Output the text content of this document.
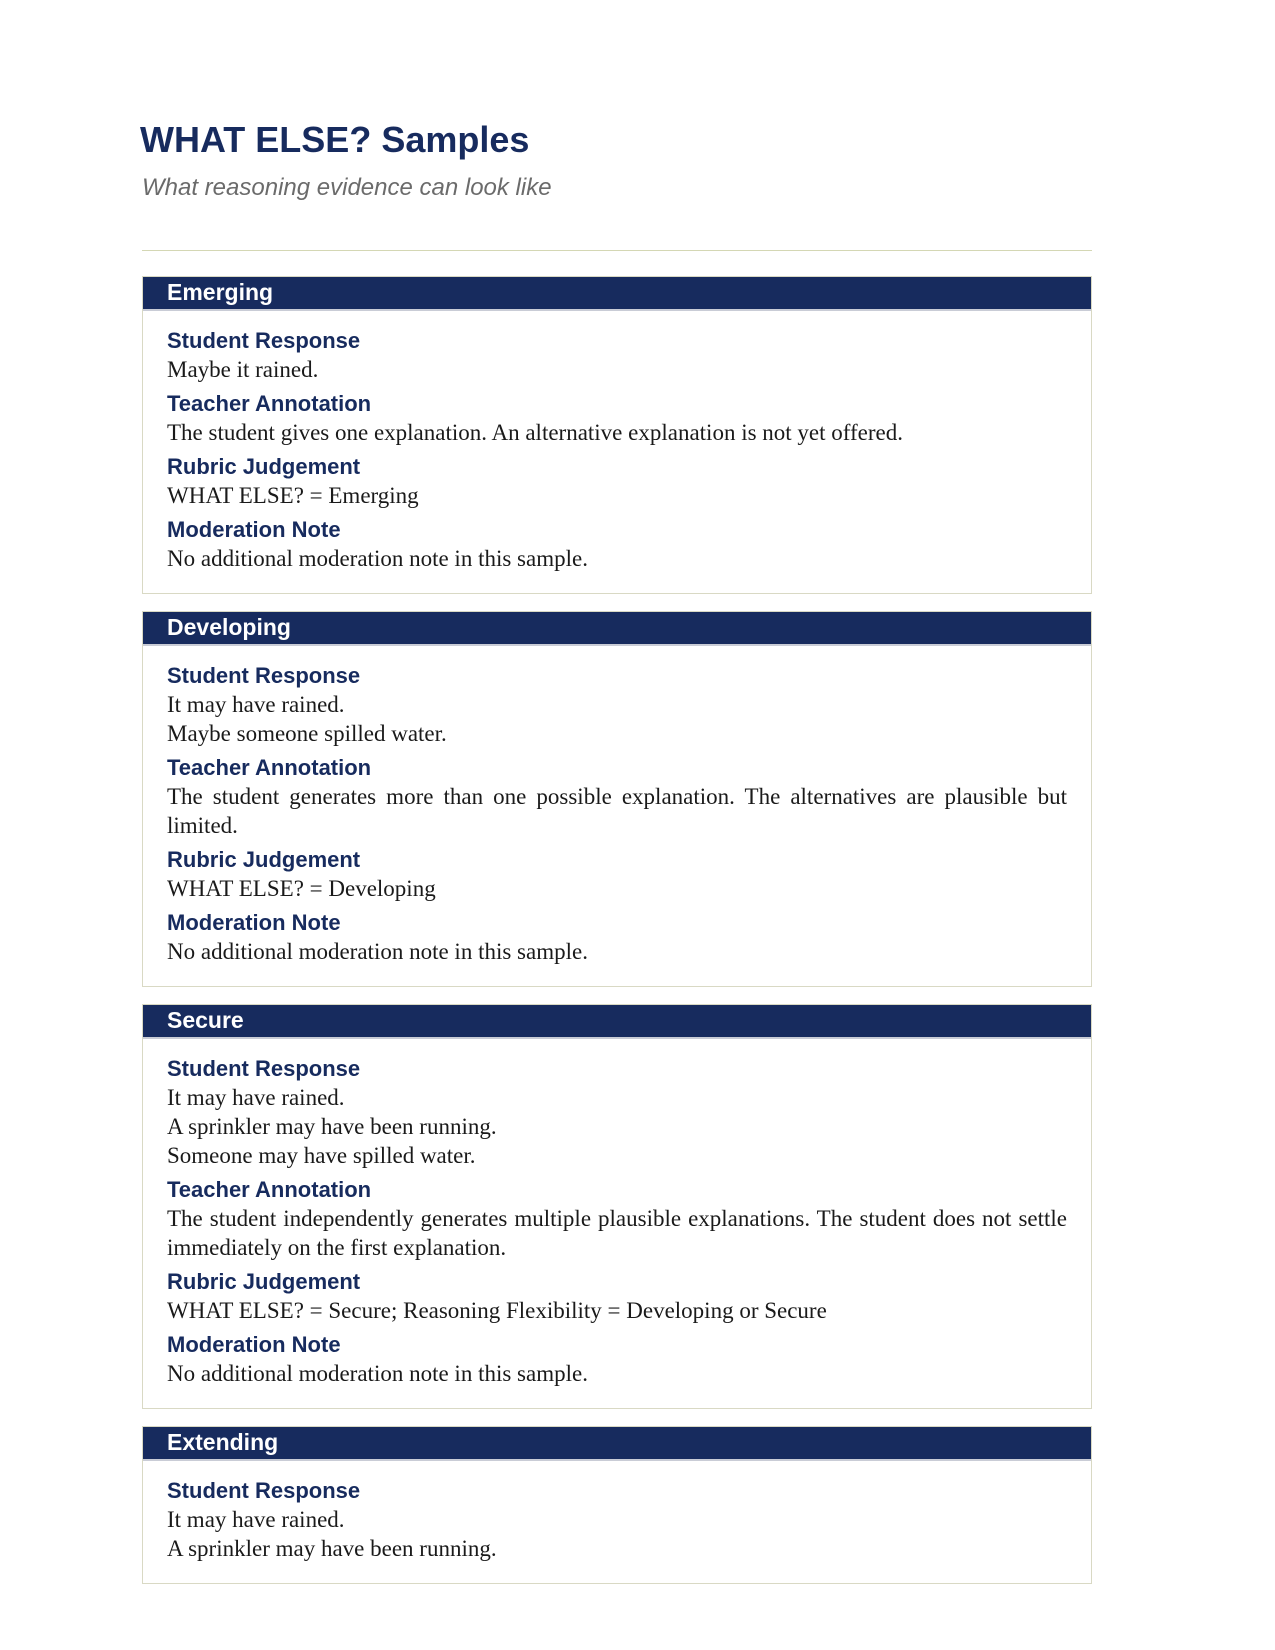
WHAT ELSE? Samples

What reasoning evidence can look like

Emerging

Student Response

Maybe it rained.

Teacher Annotation

The student gives one explanation. An alternative explanation is not yet offered.

Rubric Judgement

WHAT ELSE? = Emerging

Moderation Note

No additional moderation note in this sample.

Developing

Student Response

It may have rained.
Maybe someone spilled water.

Teacher Annotation

The student generates more than one possible explanation. The alternatives are plausible but limited.

Rubric Judgement

WHAT ELSE? = Developing

Moderation Note

No additional moderation note in this sample.

Secure

Student Response

It may have rained.
A sprinkler may have been running.
Someone may have spilled water.

Teacher Annotation

The student independently generates multiple plausible explanations. The student does not settle immediately on the first explanation.

Rubric Judgement

WHAT ELSE? = Secure; Reasoning Flexibility = Developing or Secure

Moderation Note

No additional moderation note in this sample.

Extending

Student Response

It may have rained.
A sprinkler may have been running.
